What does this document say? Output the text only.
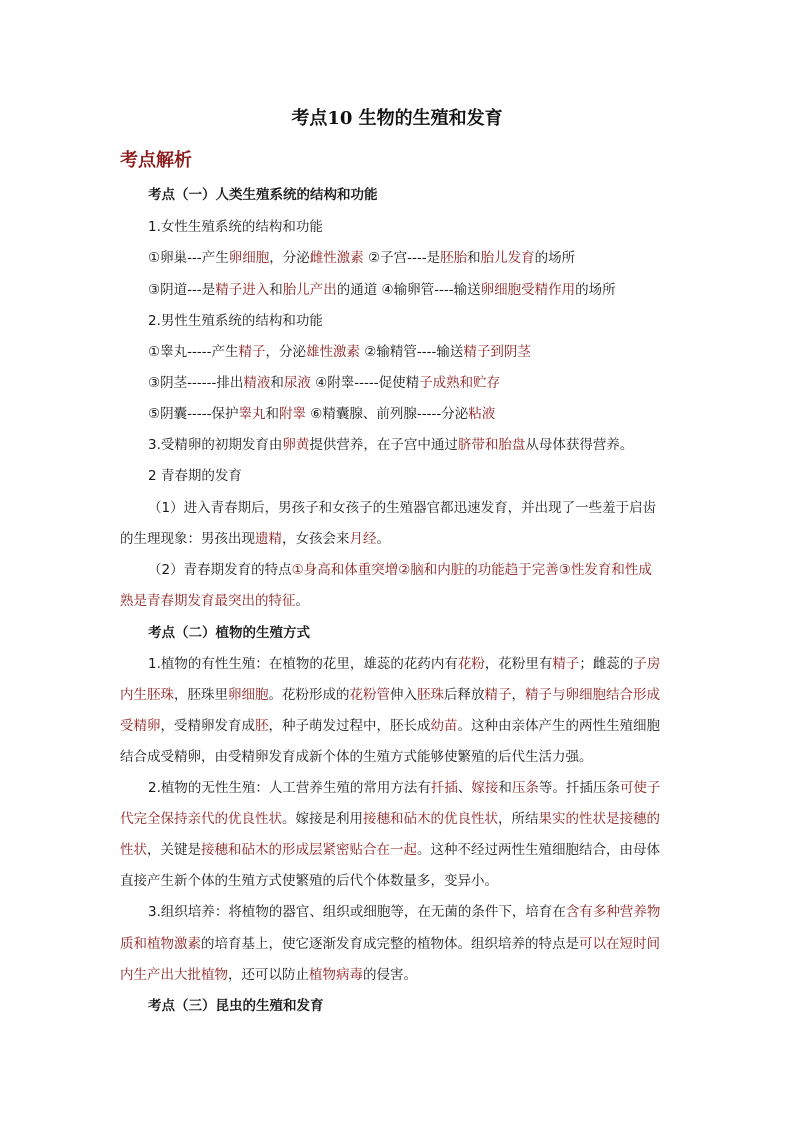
考点10 生物的生殖和发育
考点解析
考点（一）人类生殖系统的结构和功能
1.女性生殖系统的结构和功能
①卵巢---产生卵细胞，分泌雌性激素 ②子宫----是胚胎和胎儿发育的场所
③阴道---是精子进入和胎儿产出的通道 ④输卵管----输送卵细胞受精作用的场所
2.男性生殖系统的结构和功能
①睾丸-----产生精子，分泌雄性激素 ②输精管----输送精子到阴茎
③阴茎------排出精液和尿液 ④附睾-----促使精子成熟和贮存
⑤阴囊-----保护睾丸和附睾 ⑥精囊腺、前列腺-----分泌粘液
3.受精卵的初期发育由卵黄提供营养，在子宫中通过脐带和胎盘从母体获得营养。
2 青春期的发育
（1）进入青春期后，男孩子和女孩子的生殖器官都迅速发育，并出现了一些羞于启齿
的生理现象：男孩出现遗精，女孩会来月经。
（2）青春期发育的特点①身高和体重突增②脑和内脏的功能趋于完善③性发育和性成
熟是青春期发育最突出的特征。
考点（二）植物的生殖方式
1.植物的有性生殖：在植物的花里，雄蕊的花药内有花粉，花粉里有精子；雌蕊的子房
内生胚珠，胚珠里卵细胞。花粉形成的花粉管伸入胚珠后释放精子，精子与卵细胞结合形成
受精卵，受精卵发育成胚，种子萌发过程中，胚长成幼苗。这种由亲体产生的两性生殖细胞
结合成受精卵，由受精卵发育成新个体的生殖方式能够使繁殖的后代生活力强。
2.植物的无性生殖：人工营养生殖的常用方法有扦插、嫁接和压条等。扦插压条可使子
代完全保持亲代的优良性状。嫁接是利用接穗和砧木的优良性状，所结果实的性状是接穗的
性状，关键是接穗和砧木的形成层紧密贴合在一起。这种不经过两性生殖细胞结合，由母体
直接产生新个体的生殖方式使繁殖的后代个体数量多，变异小。
3.组织培养：将植物的器官、组织或细胞等，在无菌的条件下，培育在含有多种营养物
质和植物激素的培育基上，使它逐渐发育成完整的植物体。组织培养的特点是可以在短时间
内生产出大批植物，还可以防止植物病毒的侵害。
考点（三）昆虫的生殖和发育
